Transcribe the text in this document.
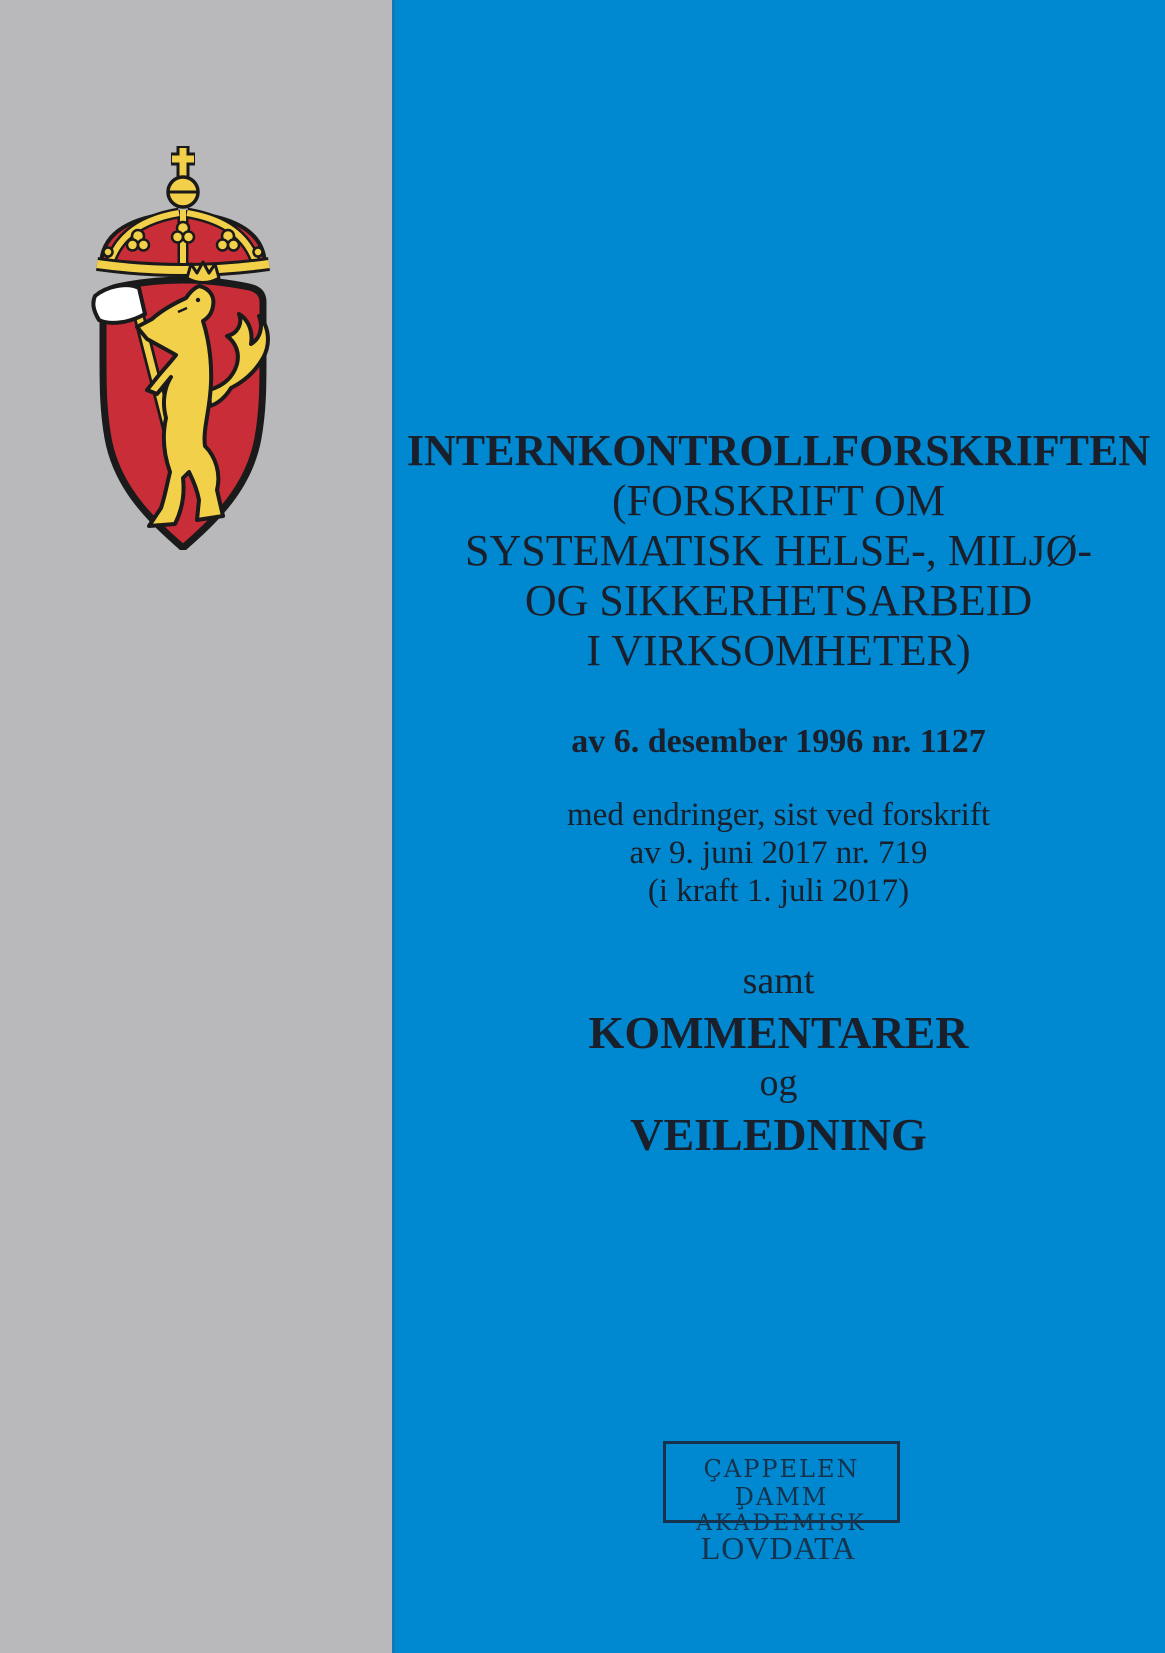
INTERNKONTROLLFORSKRIFTEN
(FORSKRIFT OM
SYSTEMATISK HELSE-, MILJØ-
OG SIKKERHETSARBEID
I VIRKSOMHETER)
av 6. desember 1996 nr. 1127
med endringer, sist ved forskrift
av 9. juni 2017 nr. 719
(i kraft 1. juli 2017)
samt
KOMMENTARER
og
VEILEDNING
ÇAPPELEN ḐAMM
AKADEMISK
LOVDATA
